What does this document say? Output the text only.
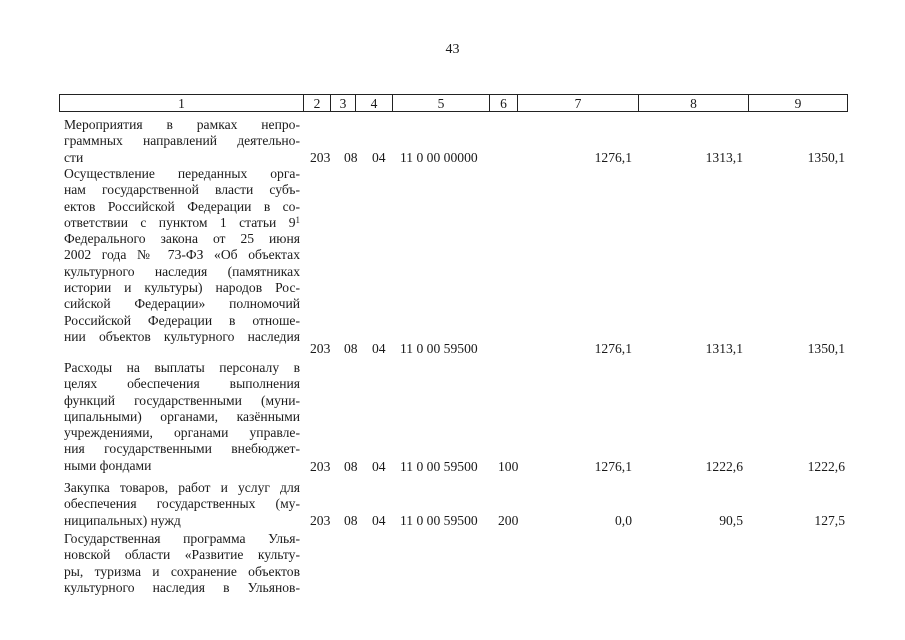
43
1	2	3	4	5	6	7	8	9
Мероприятия в рамках непро-
граммных направлений деятельно-
сти	203 08 04 11 0 00 00000	1276,1	1313,1	1350,1
Осуществление переданных орга-
нам государственной власти субъ-
ектов Российской Федерации в со-
ответствии с пунктом 1 статьи $9^1$
Федерального закона от 25 июня
2002 года № 73-ФЗ «Об объектах
культурного наследия (памятниках
истории и культуры) народов Рос-
сийской Федерации» полномочий
Российской Федерации в отноше-
нии объектов культурного наследия
203 08 04 11 0 00 59500	1276,1	1313,1	1350,1
Расходы на выплаты персоналу в
целях обеспечения выполнения
функций государственными (муни-
ципальными) органами, казёнными
учреждениями, органами управле-
ния государственными внебюджет-
ными фондами	203 08 04 11 0 00 59500 100	1276,1	1222,6	1222,6
Закупка товаров, работ и услуг для
обеспечения государственных (му-
ниципальных) нужд	203 08 04 11 0 00 59500 200	0,0	90,5	127,5
Государственная программа Улья-
новской области «Развитие культу-
ры, туризма и сохранение объектов
культурного наследия в Ульянов-
